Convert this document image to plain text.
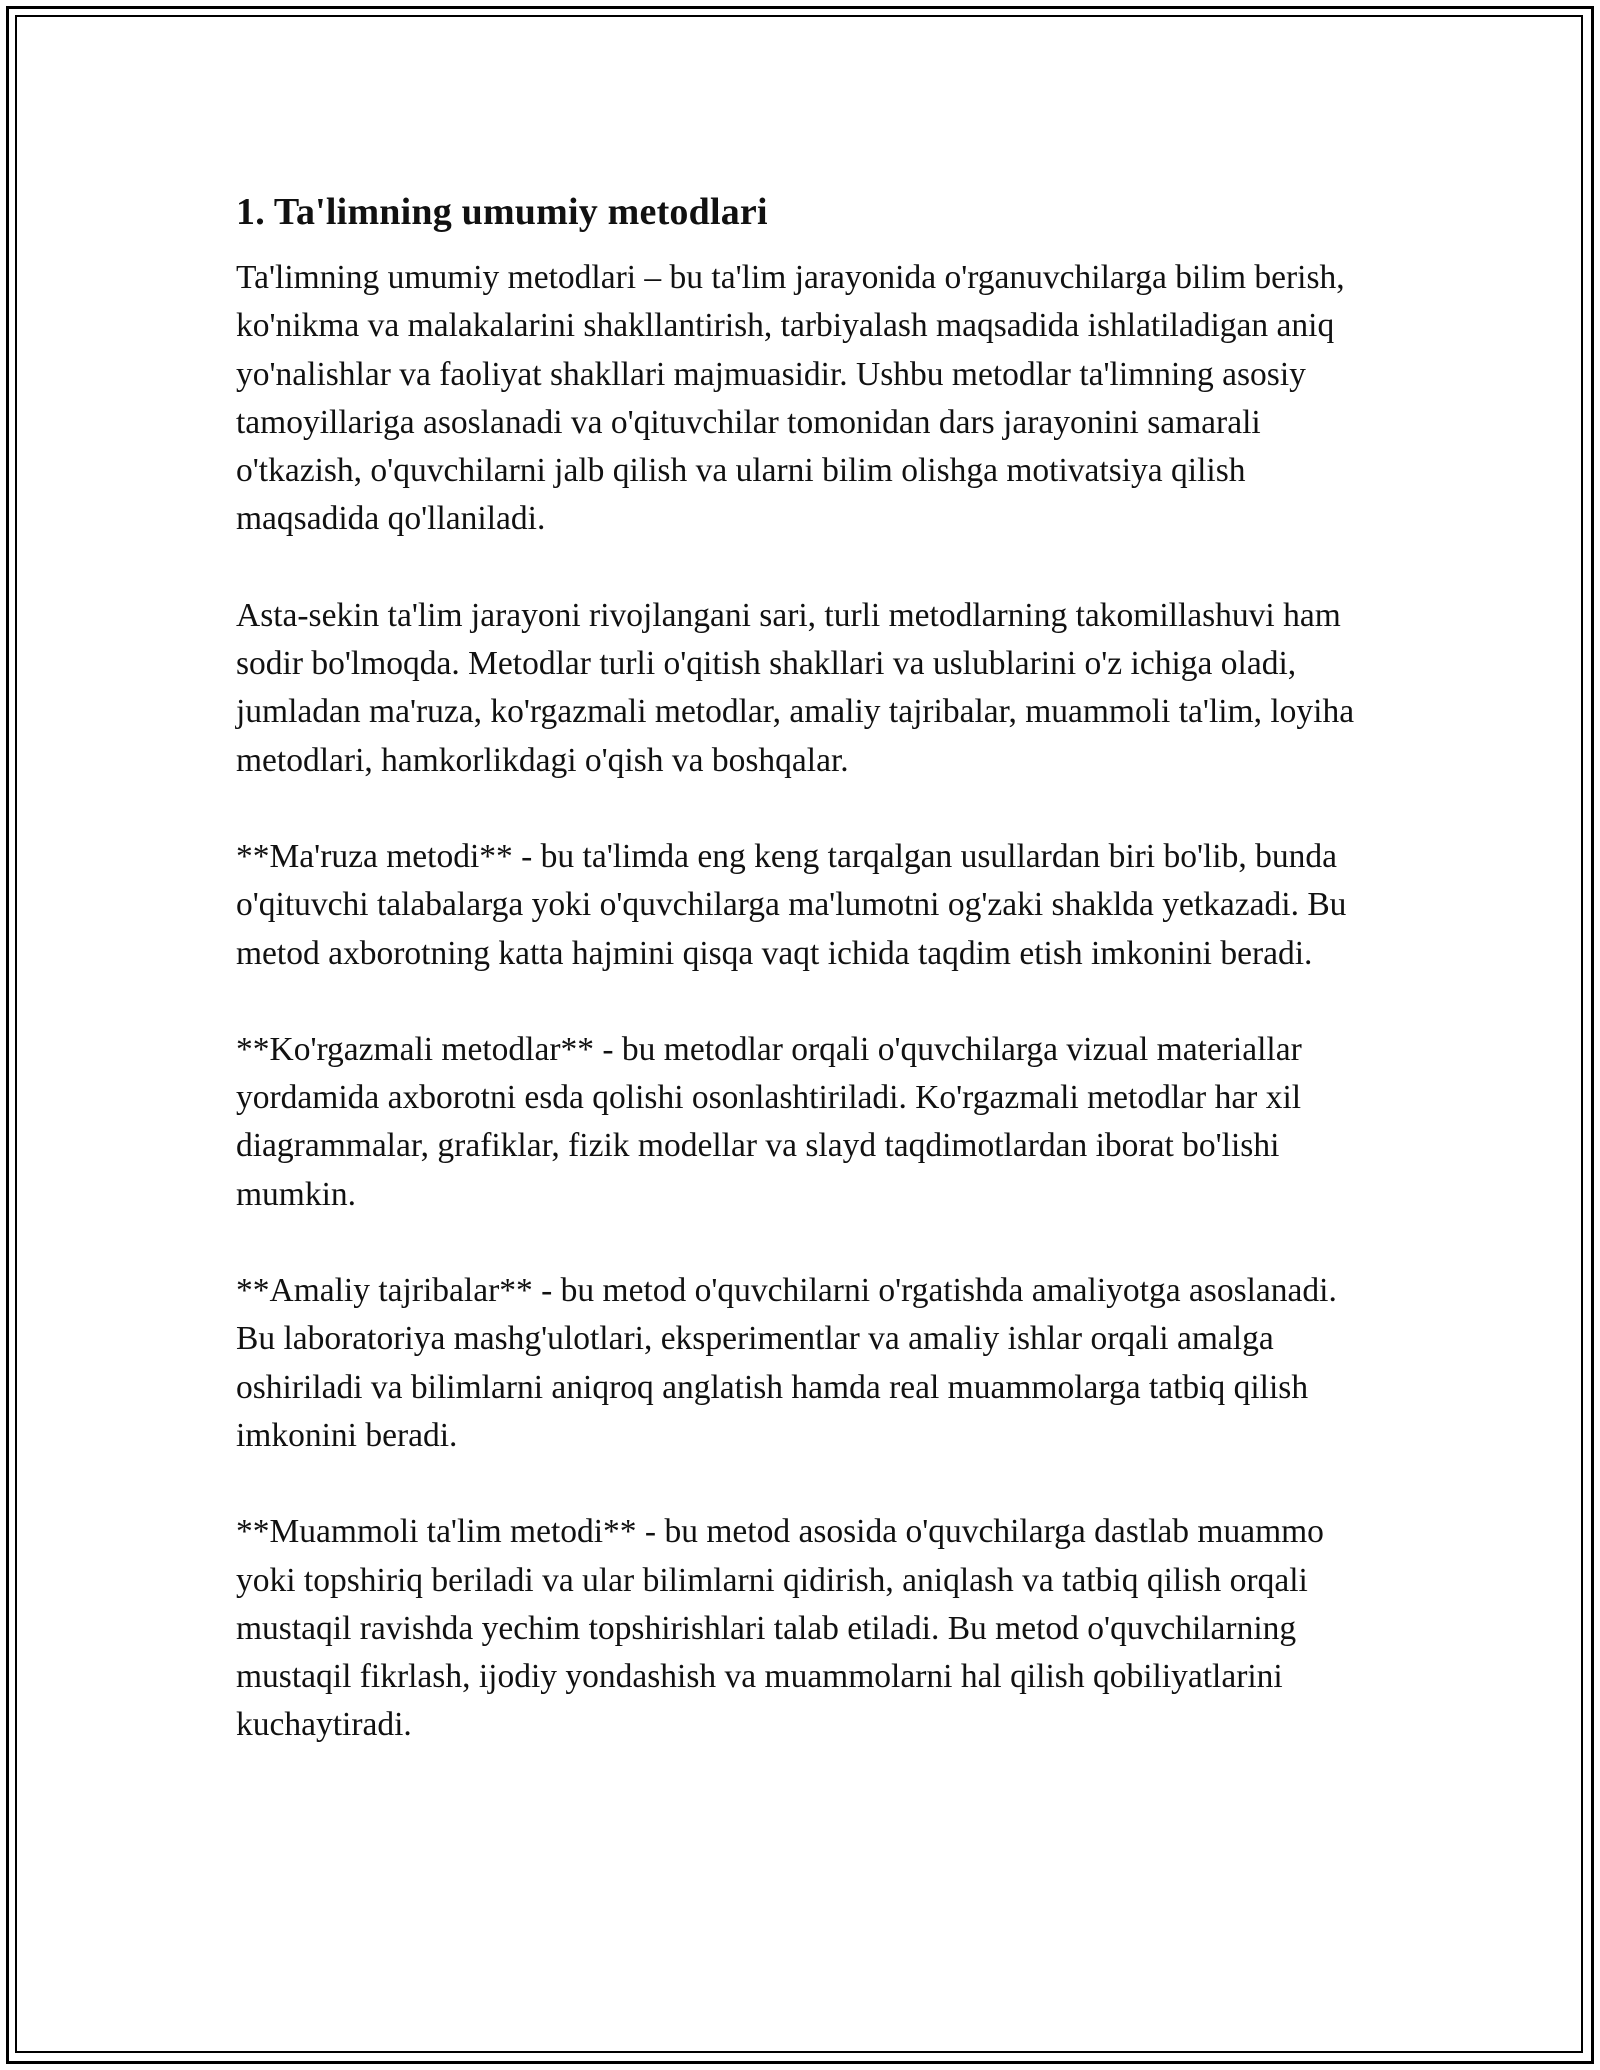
1. Ta'limning umumiy metodlari

Ta'limning umumiy metodlari – bu ta'lim jarayonida o'rganuvchilarga bilim berish, ko'nikma va malakalarini shakllantirish, tarbiyalash maqsadida ishlatiladigan aniq yo'nalishlar va faoliyat shakllari majmuasidir. Ushbu metodlar ta'limning asosiy tamoyillariga asoslanadi va o'qituvchilar tomonidan dars jarayonini samarali o'tkazish, o'quvchilarni jalb qilish va ularni bilim olishga motivatsiya qilish maqsadida qo'llaniladi.

Asta-sekin ta'lim jarayoni rivojlangani sari, turli metodlarning takomillashuvi ham sodir bo'lmoqda. Metodlar turli o'qitish shakllari va uslublarini o'z ichiga oladi, jumladan ma'ruza, ko'rgazmali metodlar, amaliy tajribalar, muammoli ta'lim, loyiha metodlari, hamkorlikdagi o'qish va boshqalar.

**Ma'ruza metodi** - bu ta'limda eng keng tarqalgan usullardan biri bo'lib, bunda o'qituvchi talabalarga yoki o'quvchilarga ma'lumotni og'zaki shaklda yetkazadi. Bu metod axborotning katta hajmini qisqa vaqt ichida taqdim etish imkonini beradi.

**Ko'rgazmali metodlar** - bu metodlar orqali o'quvchilarga vizual materiallar yordamida axborotni esda qolishi osonlashtiriladi. Ko'rgazmali metodlar har xil diagrammalar, grafiklar, fizik modellar va slayd taqdimotlardan iborat bo'lishi mumkin.

**Amaliy tajribalar** - bu metod o'quvchilarni o'rgatishda amaliyotga asoslanadi. Bu laboratoriya mashg'ulotlari, eksperimentlar va amaliy ishlar orqali amalga oshiriladi va bilimlarni aniqroq anglatish hamda real muammolarga tatbiq qilish imkonini beradi.

**Muammoli ta'lim metodi** - bu metod asosida o'quvchilarga dastlab muammo yoki topshiriq beriladi va ular bilimlarni qidirish, aniqlash va tatbiq qilish orqali mustaqil ravishda yechim topshirishlari talab etiladi. Bu metod o'quvchilarning mustaqil fikrlash, ijodiy yondashish va muammolarni hal qilish qobiliyatlarini kuchaytiradi.
